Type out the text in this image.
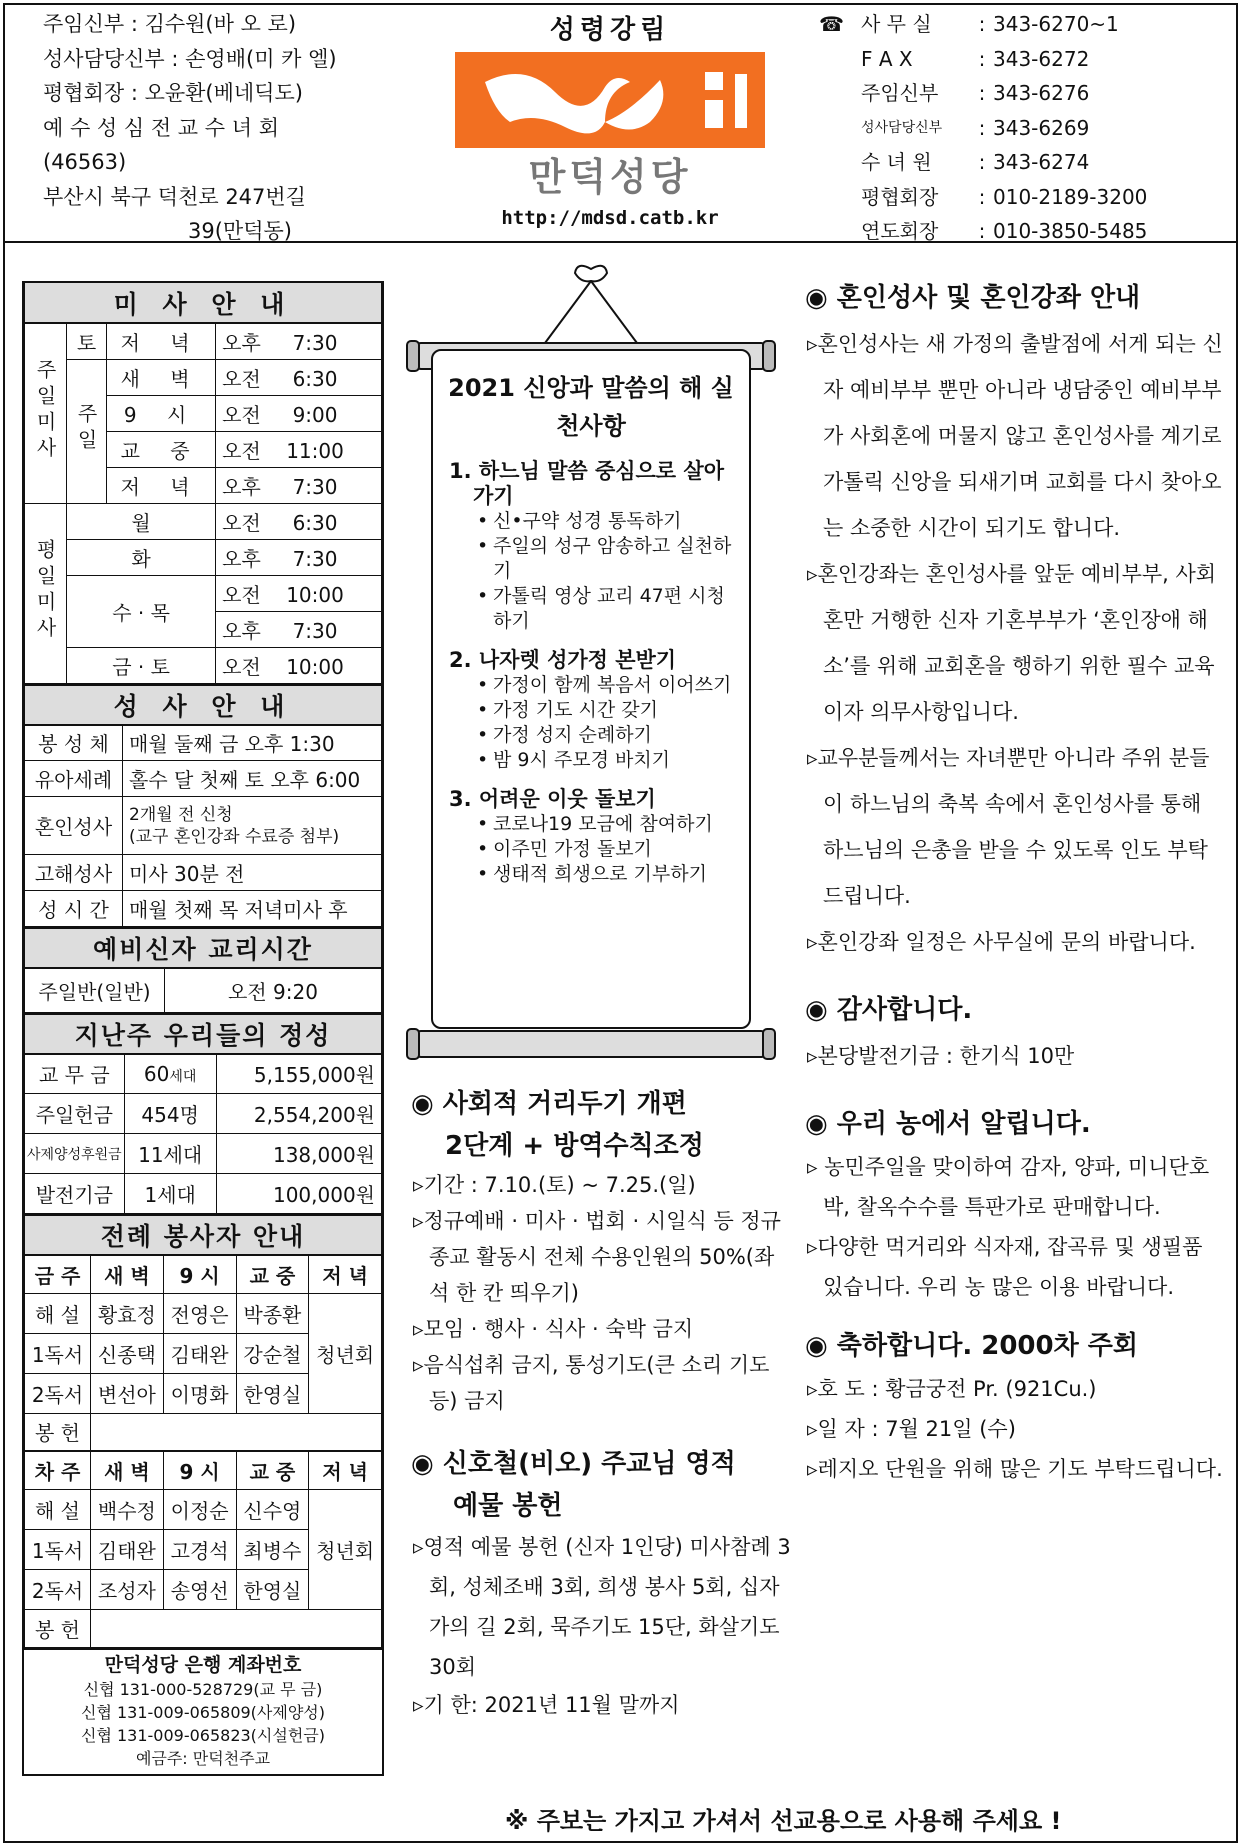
주임신부 : 김수원(바 오 로)
성사담당신부 : 손영배(미 카 엘)
평협회장 : 오윤환(베네딕도)
예 수 성 심 전 교 수 녀 회
(46563)
부산시 북구 덕천로 247번길
39(만덕동)
성령강림
만덕성당
http://mdsd.catb.kr
☎ 사 무 실	: 343-6270~1
F A X	: 343-6272
주임신부	: 343-6276
성사담당신부	: 343-6269
수 녀 원	: 343-6274
평협회장	: 010-2189-3200
연도회장	: 010-3850-5485
미 사 안 내			
주일미사	토	저 녁	오후 7:30
	주일	새 벽	오전 6:30
		9 시	오전 9:00
		교 중	오전 11:00
		저 녁	오후 7:30
평일미사	월		오전 6:30
	화		오후 7:30
	수 · 목		오전 10:00
			오후 7:30
	금 · 토		오전 10:00
성 사 안 내	
봉 성 체	매월 둘째 금 오후 1:30
유아세례	홀수 달 첫째 토 오후 6:00
혼인성사	2개월 전 신청
(교구 혼인강좌 수료증 첨부)

고해성사	미사 30분 전
성 시 간	매월 첫째 목 저녁미사 후
예비신자 교리시간
주일반(일반)	오전 9:20
지난주 우리들의 정성		
교 무 금	60세대	5,155,000원
주일헌금	454명	2,554,200원
사제양성후원금	11세대	138,000원
발전기금	1세대	100,000원
전례 봉사자 안내				
금 주	새 벽	9 시	교 중	저 녁
해 설	황효정	전영은	박종환	청년회
1독서	신종택	김태완	강순철	
2독서	변선아	이명화	한영실	
봉 헌				
차 주	새 벽	9 시	교 중	저 녁
해 설	백수정	이정순	신수영	청년회
1독서	김태완	고경석	최병수	
2독서	조성자	송영선	한영실	
봉 헌				
만덕성당 은행 계좌번호
신협 131-000-528729(교 무 금)
신협 131-009-065809(사제양성)
신협 131-009-065823(시설헌금)
예금주: 만덕천주교
2021 신앙과 말씀의 해 실천사항
1. 하느님 말씀 중심으로 살아가기
• 신•구약 성경 통독하기
• 주일의 성구 암송하고 실천하기
• 가톨릭 영상 교리 47편 시청하기
2. 나자렛 성가정 본받기
• 가정이 함께 복음서 이어쓰기
• 가정 기도 시간 갖기
• 가정 성지 순례하기
• 밤 9시 주모경 바치기
3. 어려운 이웃 돌보기
• 코로나19 모금에 참여하기
• 이주민 가정 돌보기
• 생태적 희생으로 기부하기
◉ 사회적 거리두기 개편
2단계 + 방역수칙조정
▹기간 : 7.10.(토) ~ 7.25.(일)
▹정규예배 · 미사 · 법회 · 시일식 등 정규 종교 활동시 전체 수용인원의 50%(좌석 한 칸 띄우기)
▹모임 · 행사 · 식사 · 숙박 금지
▹음식섭취 금지, 통성기도(큰 소리 기도 등) 금지
◉ 신호철(비오) 주교님 영적
예물 봉헌
▹영적 예물 봉헌 (신자 1인당) 미사참례 3회, 성체조배 3회, 희생 봉사 5회, 십자가의 길 2회, 묵주기도 15단, 화살기도 30회
▹기 한: 2021년 11월 말까지
◉ 혼인성사 및 혼인강좌 안내
▹혼인성사는 새 가정의 출발점에 서게 되는 신자 예비부부 뿐만 아니라 냉담중인 예비부부가 사회혼에 머물지 않고 혼인성사를 계기로 가톨릭 신앙을 되새기며 교회를 다시 찾아오는 소중한 시간이 되기도 합니다.
▹혼인강좌는 혼인성사를 앞둔 예비부부, 사회혼만 거행한 신자 기혼부부가 ‘혼인장애 해소’를 위해 교회혼을 행하기 위한 필수 교육이자 의무사항입니다.
▹교우분들께서는 자녀뿐만 아니라 주위 분들이 하느님의 축복 속에서 혼인성사를 통해 하느님의 은총을 받을 수 있도록 인도 부탁드립니다.
▹혼인강좌 일정은 사무실에 문의 바랍니다.
◉ 감사합니다.
▹본당발전기금 : 한기식 10만
◉ 우리 농에서 알립니다.
▹ 농민주일을 맞이하여 감자, 양파, 미니단호박, 찰옥수수를 특판가로 판매합니다.
▹다양한 먹거리와 식자재, 잡곡류 및 생필품 있습니다. 우리 농 많은 이용 바랍니다.
◉ 축하합니다. 2000차 주회
▹호 도 : 황금궁전 Pr. (921Cu.)
▹일 자 : 7월 21일 (수)
▹레지오 단원을 위해 많은 기도 부탁드립니다.
※ 주보는 가지고 가셔서 선교용으로 사용해 주세요 !
